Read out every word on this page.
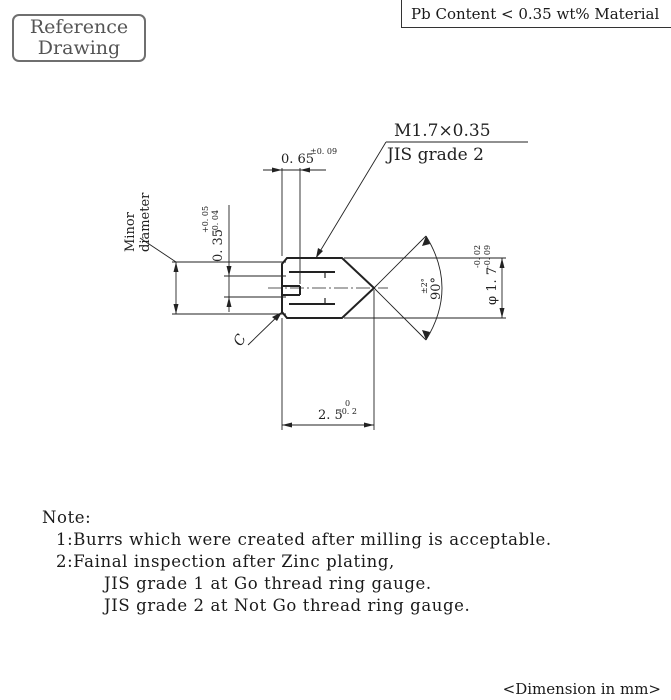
Reference
Drawing
Pb Content < 0.35 wt% Material
M1.7×0.35
JIS grade 2
0. 65
±0. 09
0. 35
+0. 05 -0. 04
Minor diameter
C
90°
±2°	φ 1. 7
-0. 02 -0. 09
2. 5
0
-0. 2
Note:
1:Burrs which were created after milling is acceptable.
2:Fainal inspection after Zinc plating,
JIS grade 1 at Go thread ring gauge.
JIS grade 2 at Not Go thread ring gauge.
<Dimension in mm>
